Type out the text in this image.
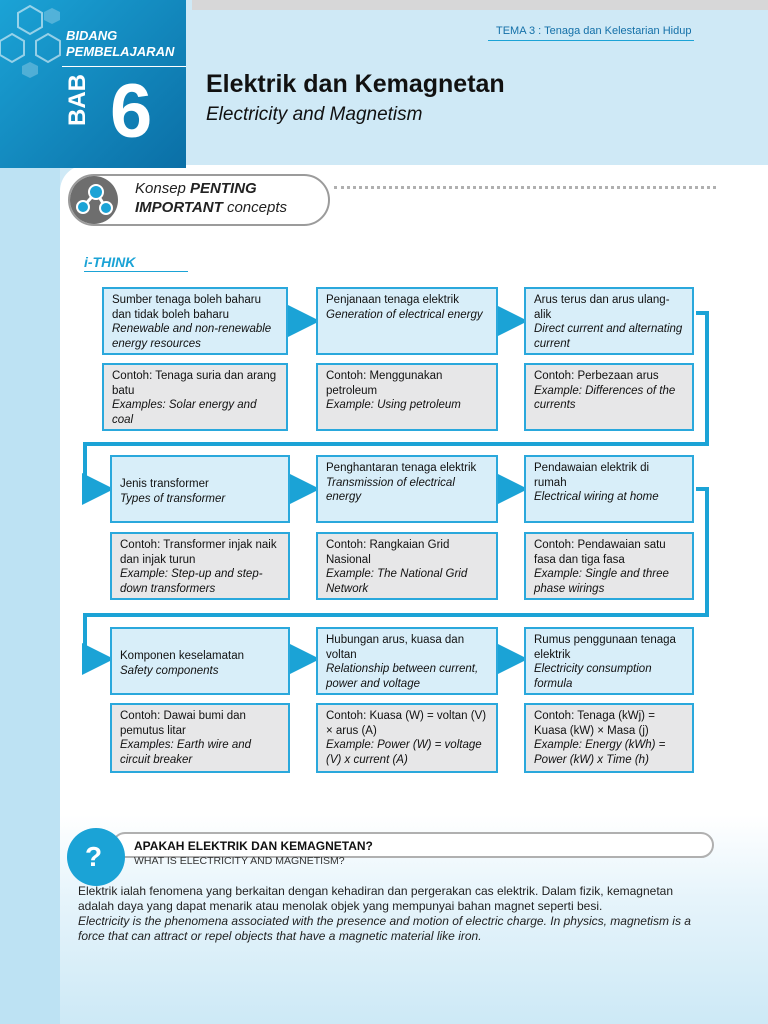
BIDANG
PEMBELAJARAN
BAB 6
TEMA 3 : Tenaga dan Kelestarian Hidup
Elektrik dan Kemagnetan
Electricity and Magnetism
Konsep PENTING
IMPORTANT concepts
i-THINK
Sumber tenaga boleh baharu dan tidak boleh baharu
Renewable and non-renewable energy resources
Penjanaan tenaga elektrik
Generation of electrical energy
Arus terus dan arus ulang-alik
Direct current and alternating current
Contoh: Tenaga suria dan arang batu
Examples: Solar energy and coal
Contoh: Menggunakan petroleum
Example: Using petroleum
Contoh: Perbezaan arus
Example: Differences of the currents
Jenis transformer
Types of transformer
Penghantaran tenaga elektrik
Transmission of electrical energy
Pendawaian elektrik di rumah
Electrical wiring at home
Contoh: Transformer injak naik dan injak turun
Example: Step-up and step-down transformers
Contoh: Rangkaian Grid Nasional
Example: The National Grid Network
Contoh: Pendawaian satu fasa dan tiga fasa
Example: Single and three phase wirings
Komponen keselamatan
Safety components
Hubungan arus, kuasa dan voltan
Relationship between current, power and voltage
Rumus penggunaan tenaga elektrik
Electricity consumption formula
Contoh: Dawai bumi dan pemutus litar
Examples: Earth wire and circuit breaker
Contoh: Kuasa (W) = voltan (V) × arus (A)
Example: Power (W) = voltage (V) x current (A)
Contoh: Tenaga (kWj) = Kuasa (kW) × Masa (j)
Example: Energy (kWh) = Power (kW) x Time (h)
?	APAKAH ELEKTRIK DAN KEMAGNETAN?
WHAT IS ELECTRICITY AND MAGNETISM?
Elektrik ialah fenomena yang berkaitan dengan kehadiran dan pergerakan cas elektrik. Dalam fizik, kemagnetan adalah daya yang dapat menarik atau menolak objek yang mempunyai bahan magnet seperti besi.
Electricity is the phenomena associated with the presence and motion of electric charge. In physics, magnetism is a force that can attract or repel objects that have a magnetic material like iron.
